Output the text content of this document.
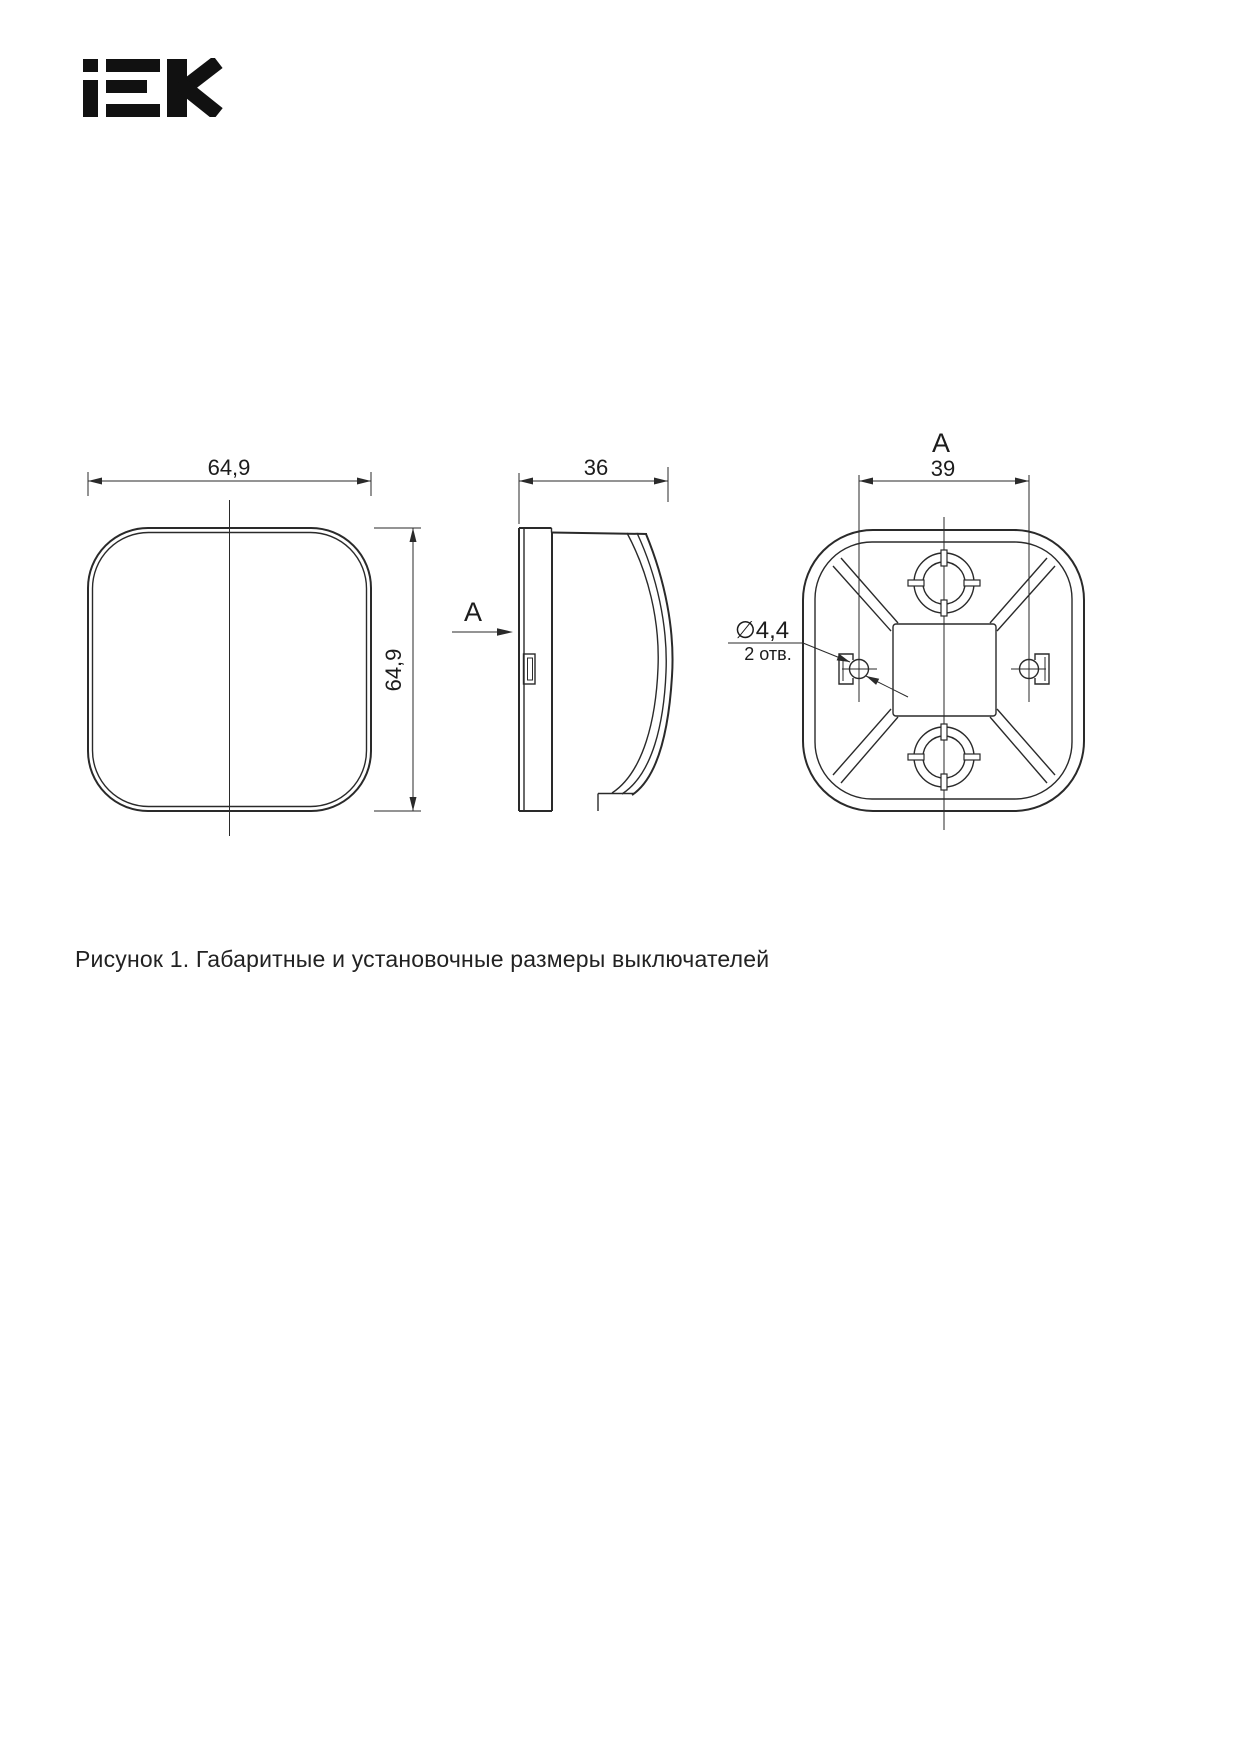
64,9
64,9
36
A
A
39
∅4,4
2 отв.
Рисунок 1. Габаритные и установочные размеры выключателей
